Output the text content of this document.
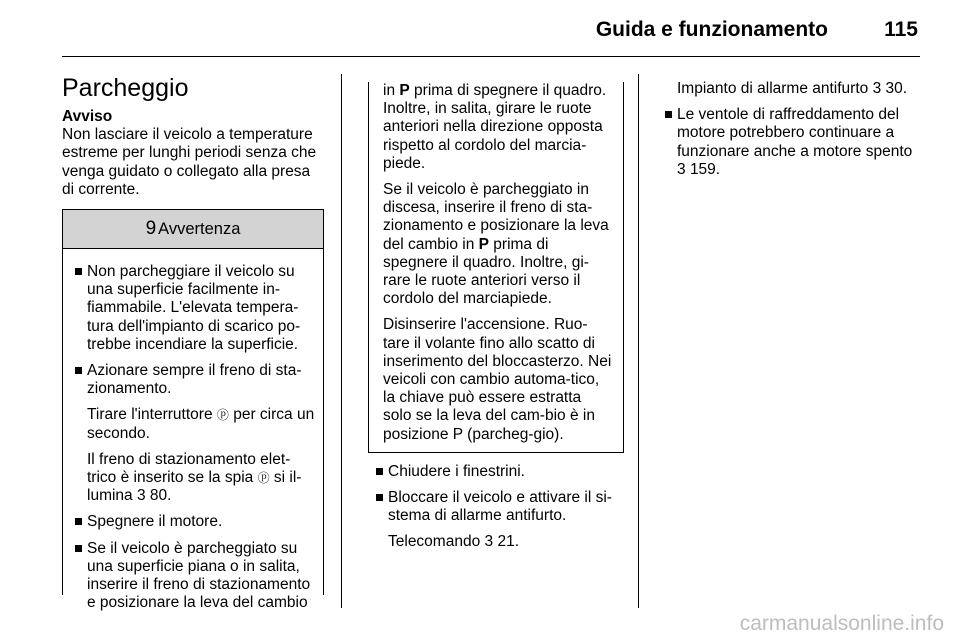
Guida e funzionamento	115
Parcheggio
Avviso
Non lasciare il veicolo a temperature estreme per lunghi periodi senza che venga guidato o collegato alla presa di corrente.
9 Avvertenza
Non parcheggiare il veicolo su una superficie facilmente in-fiammabile. L'elevata tempera-tura dell'impianto di scarico po-trebbe incendiare la superficie.
Azionare sempre il freno di sta-zionamento.
Tirare l'interruttore ⓟ per circa un secondo.
Il freno di stazionamento elet-trico è inserito se la spia ⓟ si il-lumina 3 80.
Spegnere il motore.
Se il veicolo è parcheggiato su una superficie piana o in salita, inserire il freno di stazionamento e posizionare la leva del cambio
in P prima di spegnere il quadro. Inoltre, in salita, girare le ruote anteriori nella direzione opposta rispetto al cordolo del marcia-piede.
Se il veicolo è parcheggiato in discesa, inserire il freno di sta-zionamento e posizionare la leva del cambio in P prima di spegnere il quadro. Inoltre, gi-rare le ruote anteriori verso il cordolo del marciapiede.
Disinserire l'accensione. Ruo-tare il volante fino allo scatto di inserimento del bloccasterzo. Nei veicoli con cambio automa-tico, la chiave può essere estratta solo se la leva del cam-bio è in posizione P (parcheg-gio).
Chiudere i finestrini.
Bloccare il veicolo e attivare il si-stema di allarme antifurto.
Telecomando 3 21.
Impianto di allarme antifurto 3 30.
Le ventole di raffreddamento del motore potrebbero continuare a funzionare anche a motore spento 3 159.
carmanualsonline.info
